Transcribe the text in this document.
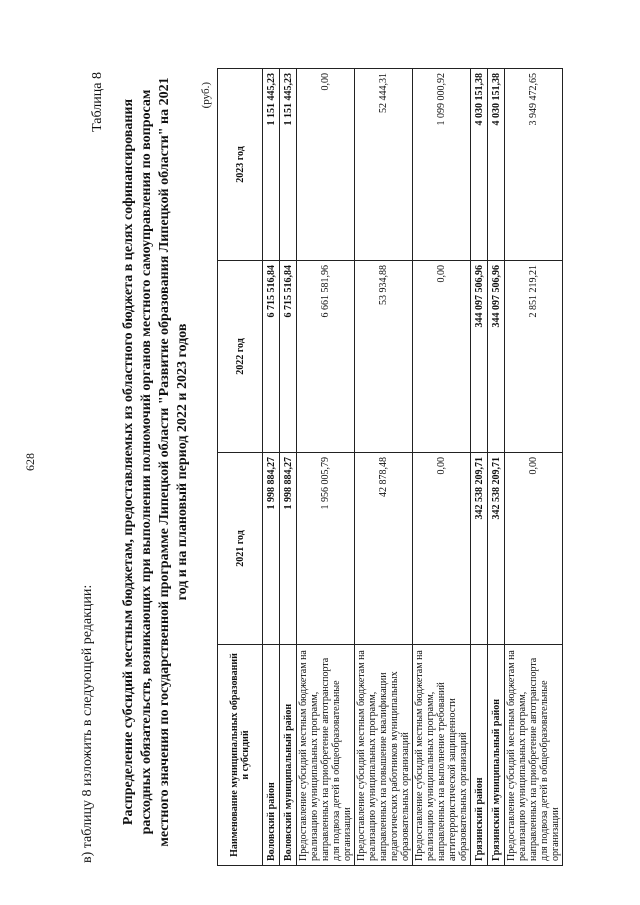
628
в) таблицу 8 изложить в следующей редакции:
Таблица 8 Распределение субсидий местным бюджетам, предоставляемых из областного бюджета в целях софинансирования расходных обязательств, возникающих при выполнении полномочий органов местного самоуправления по вопросам местного значения по государственной программе Липецкой области "Развитие образования Липецкой области" на 2021 год и на плановый период 2022 и 2023 годов
(руб.)
Наименование муниципальных образований и субсидий	2021 год	2022 год	2023 год
Воловский район	1 998 884,27	6 715 516,84	1 151 445,23
Воловский муниципальный район	1 998 884,27	6 715 516,84	1 151 445,23
Предоставление субсидий местным бюджетам на реализацию муниципальных программ, направленных на приобретение автотранспорта для подвоза детей в общеобразовательные организации	1 956 005,79	6 661 581,96	0,00
Предоставление субсидий местным бюджетам на реализацию муниципальных программ, направленных на повышение квалификации педагогических работников муниципальных образовательных организаций	42 878,48	53 934,88	52 444,31
Предоставление субсидий местным бюджетам на реализацию муниципальных программ, направленных на выполнение требований антитеррористической защищенности образовательных организаций	0,00	0,00	1 099 000,92
Грязинский район	342 538 209,71	344 097 506,96	4 030 151,38
Грязинский муниципальный район	342 538 209,71	344 097 506,96	4 030 151,38
Предоставление субсидий местным бюджетам на реализацию муниципальных программ, направленных на приобретение автотранспорта для подвоза детей в общеобразовательные организации	0,00	2 851 219,21	3 949 472,65
